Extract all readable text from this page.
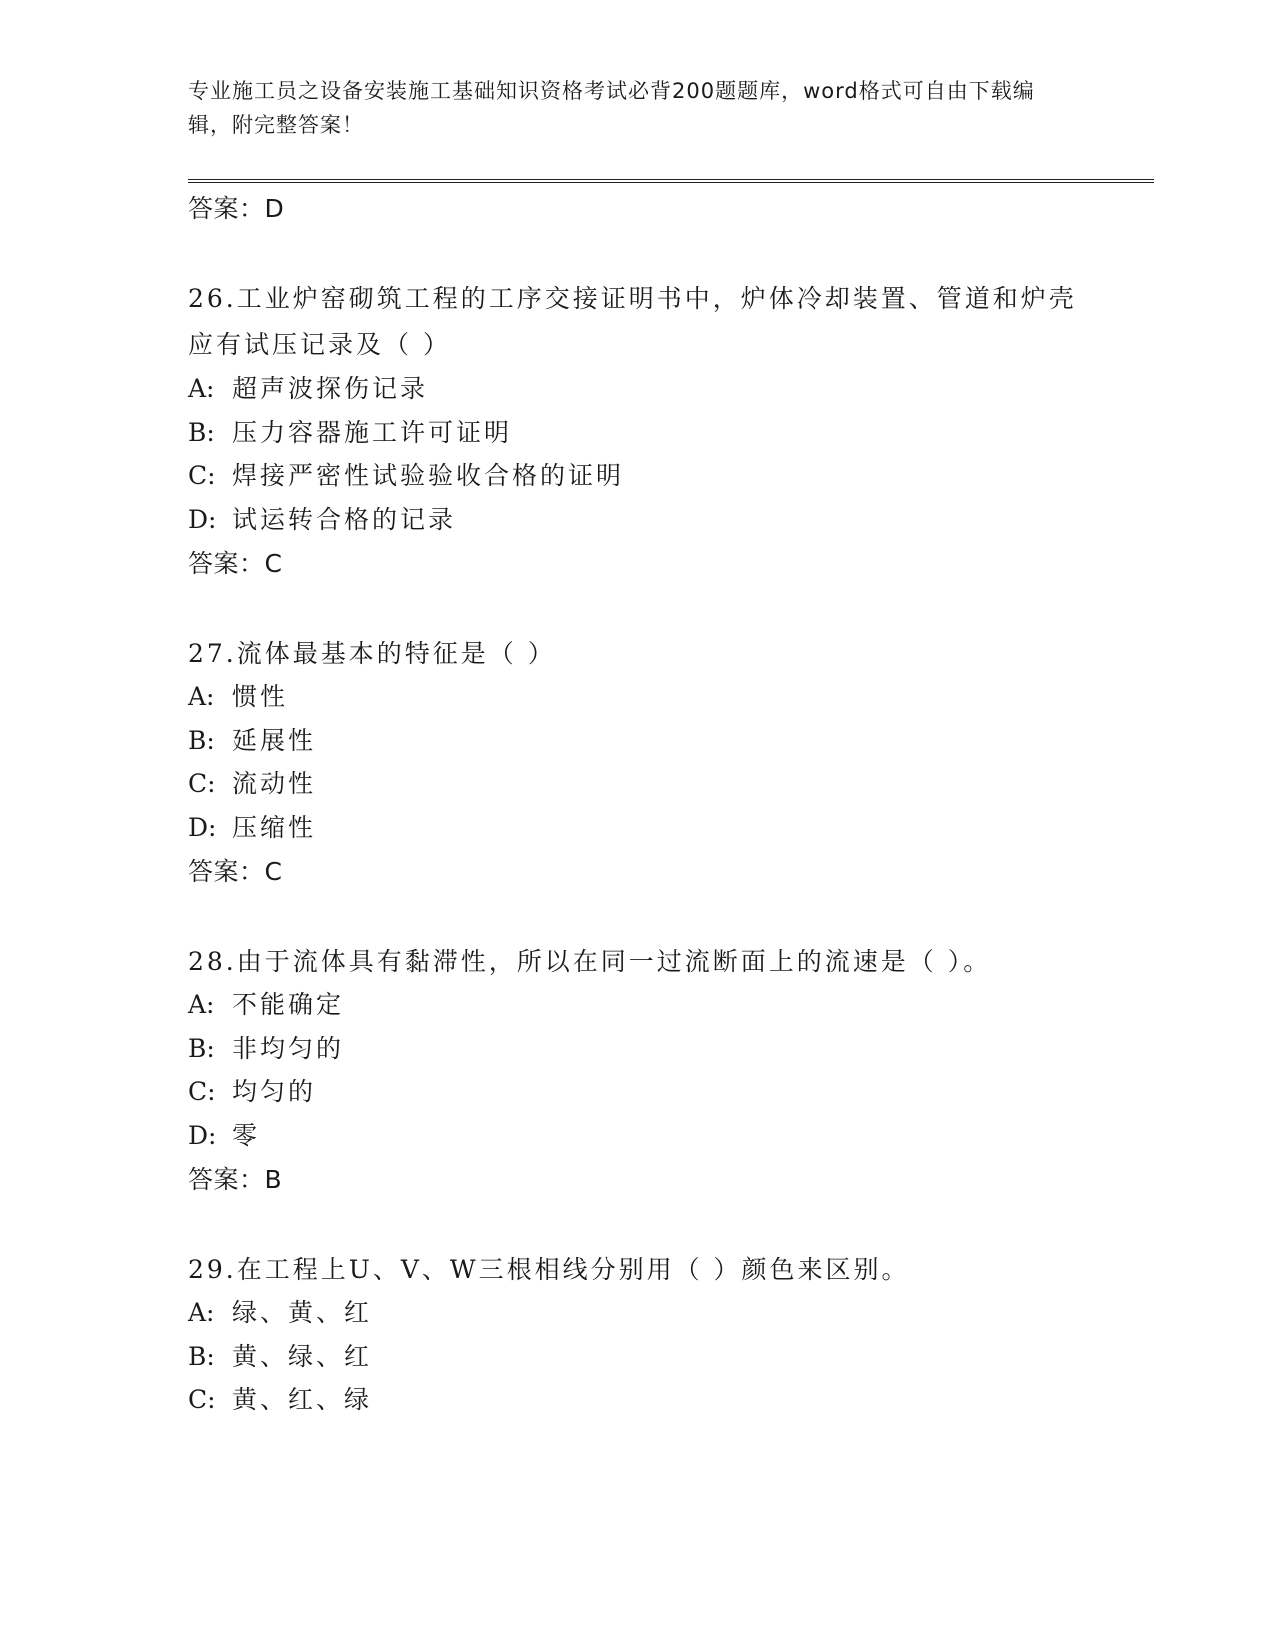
专业施工员之设备安装施工基础知识资格考试必背200题题库，word格式可自由下载编辑，附完整答案！
答案：D
26.工业炉窑砌筑工程的工序交接证明书中，炉体冷却装置、管道和炉壳应有试压记录及（ ）
A: 超声波探伤记录
B: 压力容器施工许可证明
C: 焊接严密性试验验收合格的证明
D: 试运转合格的记录
答案：C
27.流体最基本的特征是（ ）
A: 惯性
B: 延展性
C: 流动性
D: 压缩性
答案：C
28.由于流体具有黏滞性，所以在同一过流断面上的流速是（ ）。
A: 不能确定
B: 非均匀的
C: 均匀的
D: 零
答案：B
29.在工程上U、V、W三根相线分别用（ ）颜色来区别。
A: 绿、黄、红
B: 黄、绿、红
C: 黄、红、绿
